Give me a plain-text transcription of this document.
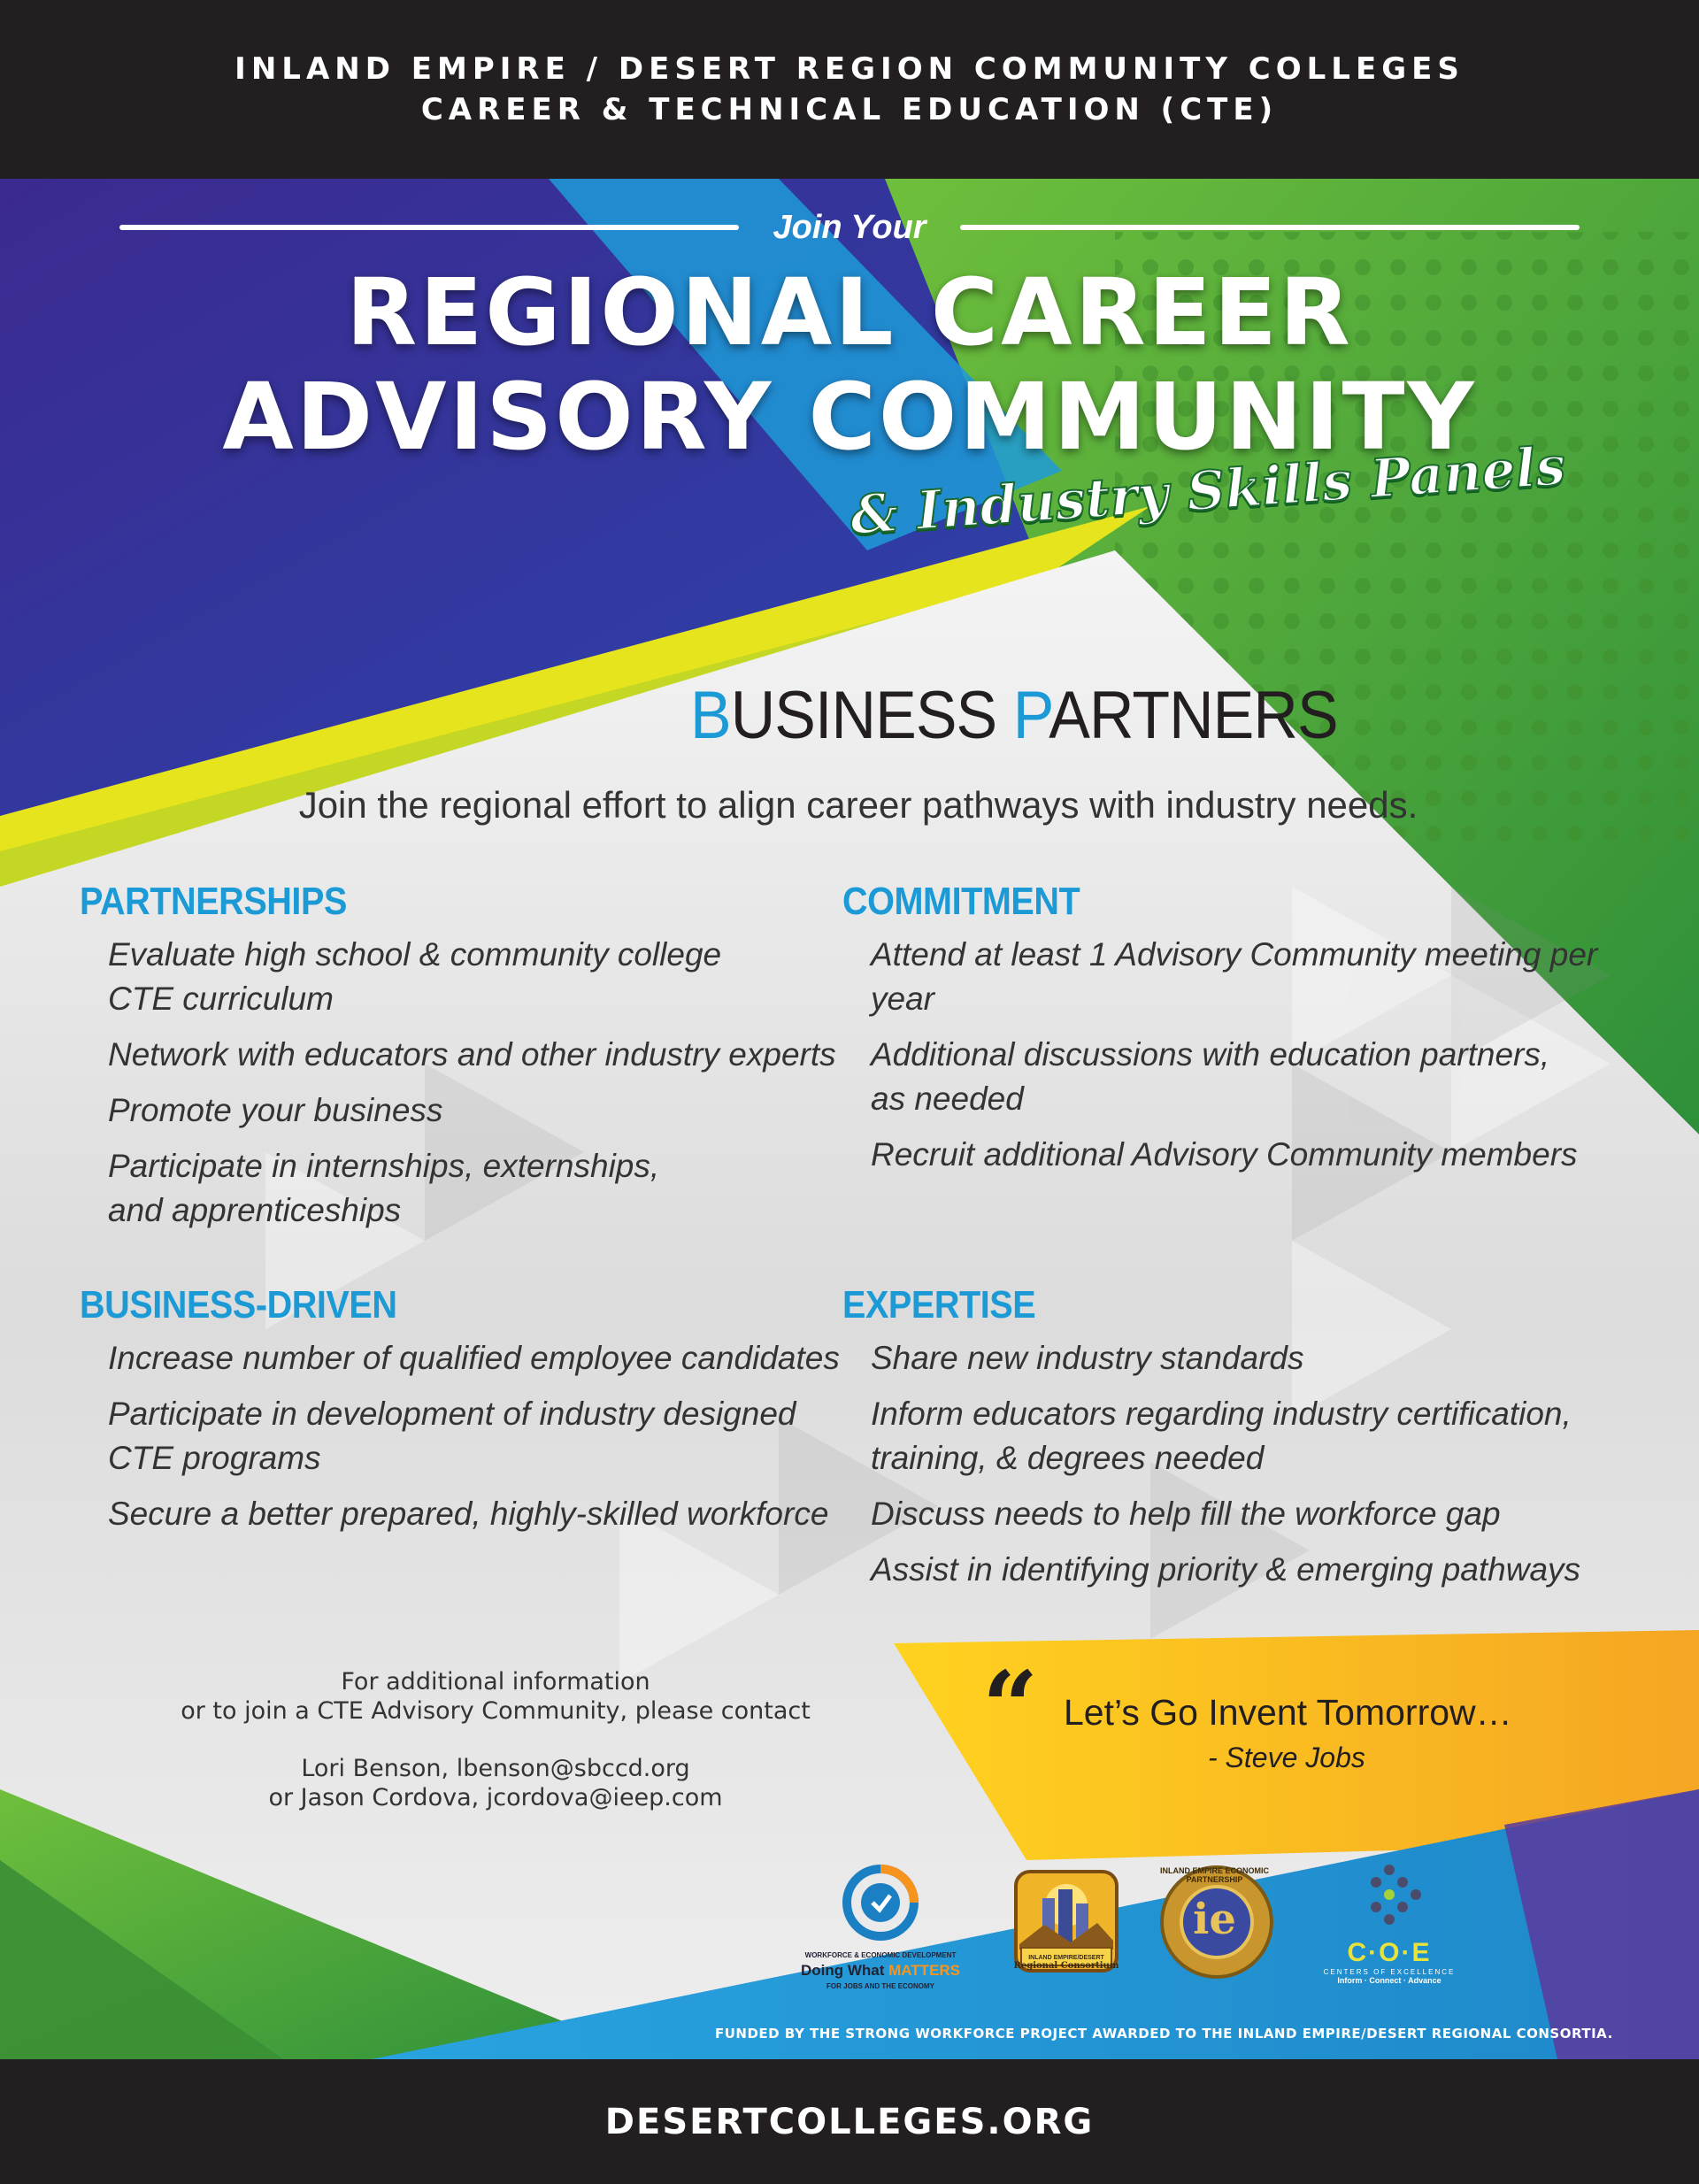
INLAND EMPIRE / DESERT REGION COMMUNITY COLLEGES
CAREER & TECHNICAL EDUCATION (CTE)
Join Your
REGIONAL CAREER
ADVISORY COMMUNITY
& Industry Skills Panels
BUSINESS PARTNERS
Join the regional effort to align career pathways with industry needs.
PARTNERSHIPS
Evaluate high school & community college
CTE curriculum
Network with educators and other industry experts
Promote your business
Participate in internships, externships,
and apprenticeships
COMMITMENT
Attend at least 1 Advisory Community meeting per year
Additional discussions with education partners,
as needed
Recruit additional Advisory Community members
BUSINESS-DRIVEN
Increase number of qualified employee candidates
Participate in development of industry designed
CTE programs
Secure a better prepared, highly-skilled workforce
EXPERTISE
Share new industry standards
Inform educators regarding industry certification,
training, & degrees needed
Discuss needs to help fill the workforce gap
Assist in identifying priority & emerging pathways
For additional information
or to join a CTE Advisory Community, please contact
Lori Benson, lbenson@sbccd.org
or Jason Cordova, jcordova@ieep.com
“ Let’s Go Invent Tomorrow…
- Steve Jobs
WORKFORCE & ECONOMIC DEVELOPMENT
Doing What MATTERS
FOR JOBS AND THE ECONOMY
INLAND EMPIRE/DESERT
Regional Consortium
ie
INLAND EMPIRE ECONOMIC PARTNERSHIP
C·O·E
CENTERS OF EXCELLENCE
Inform · Connect · Advance
FUNDED BY THE STRONG WORKFORCE PROJECT AWARDED TO THE INLAND EMPIRE/DESERT REGIONAL CONSORTIA.
DESERTCOLLEGES.ORG
